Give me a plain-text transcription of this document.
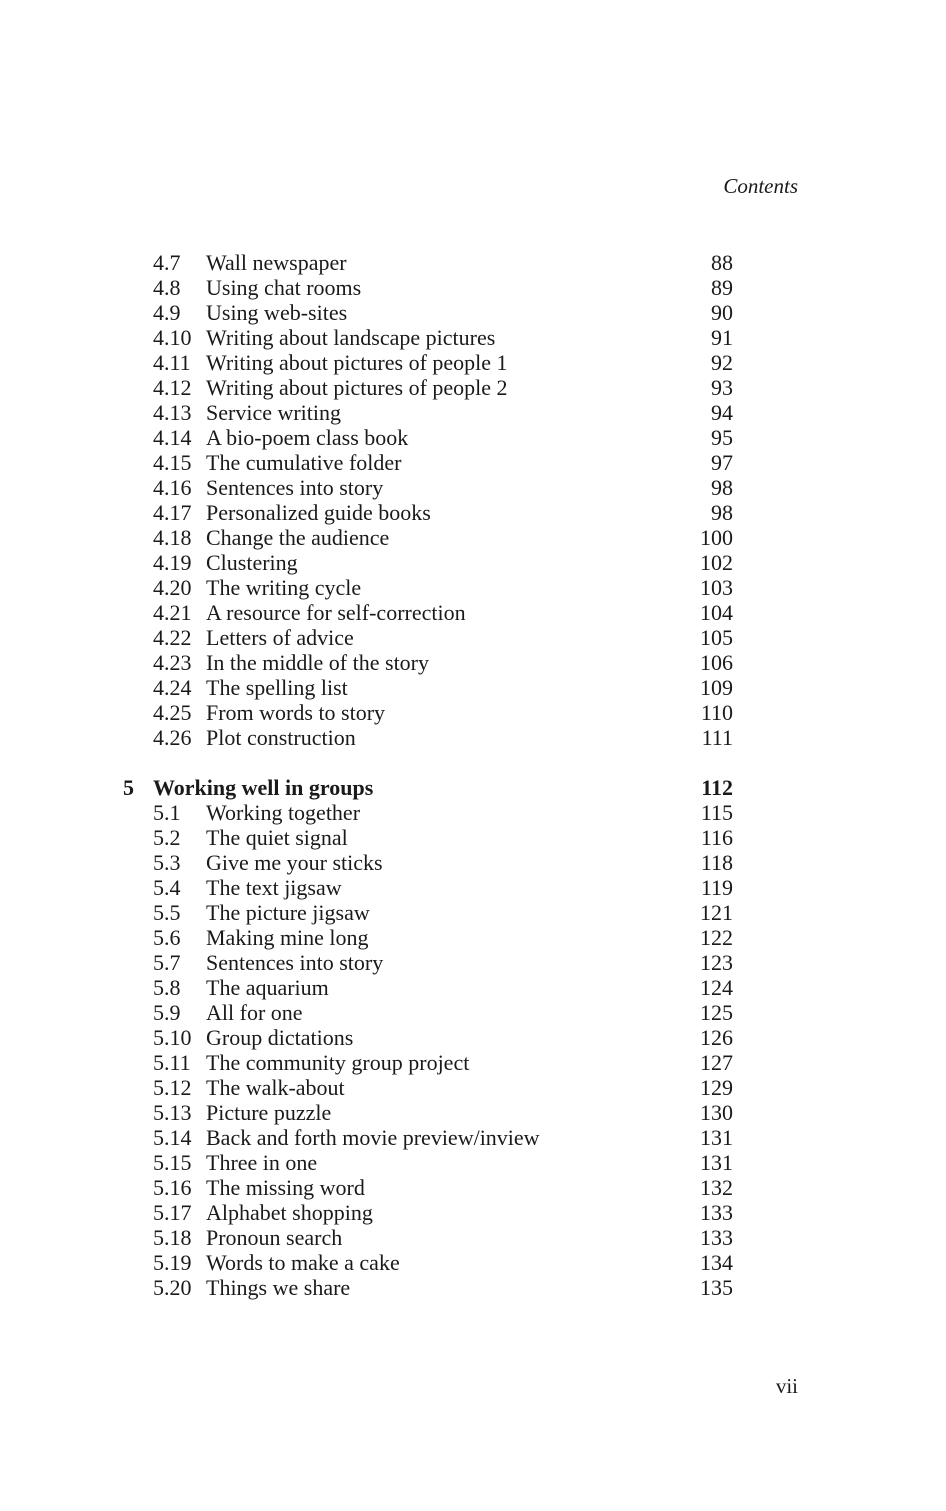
Contents
4.7 Wall newspaper	88
4.8 Using chat rooms	89
4.9 Using web-sites	90
4.10 Writing about landscape pictures	91
4.11 Writing about pictures of people 1	92
4.12 Writing about pictures of people 2	93
4.13 Service writing	94
4.14 A bio-poem class book	95
4.15 The cumulative folder	97
4.16 Sentences into story	98
4.17 Personalized guide books	98
4.18 Change the audience	100
4.19 Clustering	102
4.20 The writing cycle	103
4.21 A resource for self-correction	104
4.22 Letters of advice	105
4.23 In the middle of the story	106
4.24 The spelling list	109
4.25 From words to story	110
4.26 Plot construction	111
5 Working well in groups	112
5.1 Working together	115
5.2 The quiet signal	116
5.3 Give me your sticks	118
5.4 The text jigsaw	119
5.5 The picture jigsaw	121
5.6 Making mine long	122
5.7 Sentences into story	123
5.8 The aquarium	124
5.9 All for one	125
5.10 Group dictations	126
5.11 The community group project	127
5.12 The walk-about	129
5.13 Picture puzzle	130
5.14 Back and forth movie preview/inview	131
5.15 Three in one	131
5.16 The missing word	132
5.17 Alphabet shopping	133
5.18 Pronoun search	133
5.19 Words to make a cake	134
5.20 Things we share	135
vii
